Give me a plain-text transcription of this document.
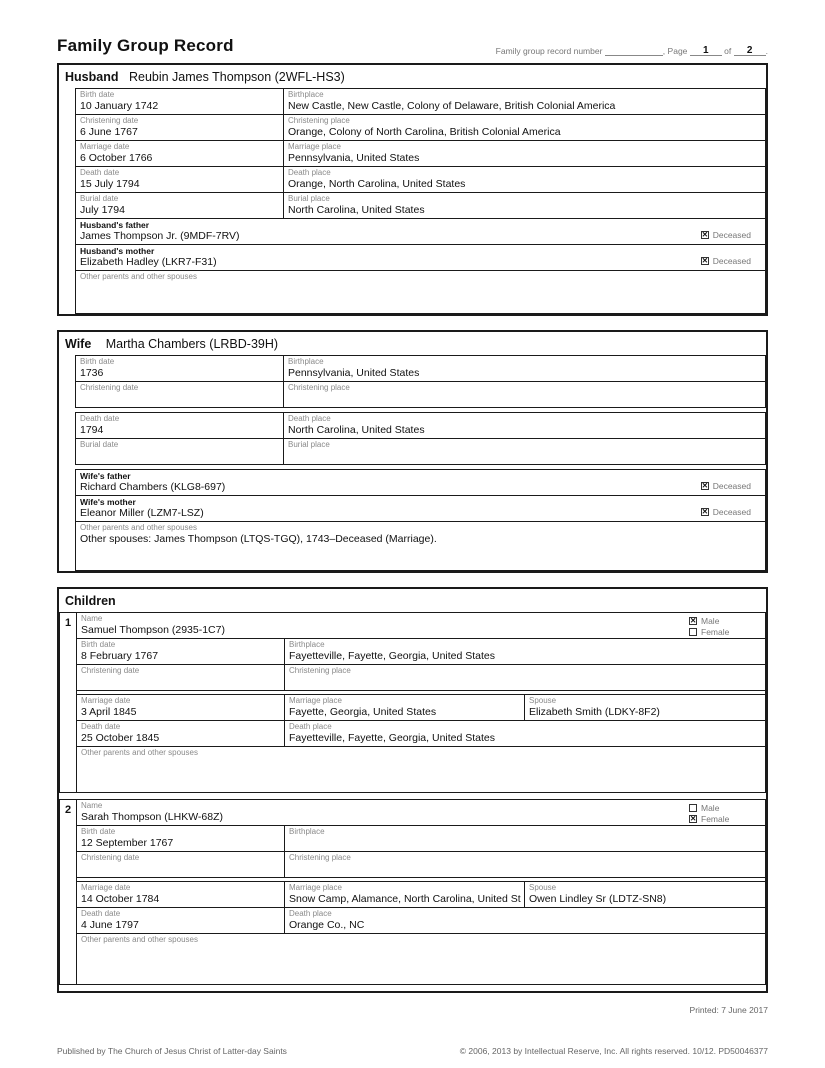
Family Group Record	Family group record number	, Page 1 of 2 .
Husband Reubin James Thompson (2WFL-HS3)
Birth date
10 January 1742
Birthplace
New Castle, New Castle, Colony of Delaware, British Colonial America
Christening date
6 June 1767
Christening place
Orange, Colony of North Carolina, British Colonial America
Marriage date
6 October 1766
Marriage place
Pennsylvania, United States
Death date
15 July 1794
Death place
Orange, North Carolina, United States
Burial date
July 1794
Burial place
North Carolina, United States
Husband's father
James Thompson Jr. (9MDF-7RV) ✕	Deceased
Husband's mother
Elizabeth Hadley (LKR7-F31) ✕	Deceased
Other parents and other spouses
Wife Martha Chambers (LRBD-39H)
Birth date
1736
Birthplace
Pennsylvania, United States
Christening date	Christening place
Death date
1794
Death place
North Carolina, United States
Burial date	Burial place
Wife's father
Richard Chambers (KLG8-697) ✕	Deceased
Wife's mother
Eleanor Miller (LZM7-LSZ) ✕	Deceased
Other parents and other spouses
Other spouses: James Thompson (LTQS-TGQ), 1743–Deceased (Marriage).
Children
1	Name
Samuel Thompson (2935-1C7)
✕
Male
Female
Birth date
8 February 1767
Birthplace
Fayetteville, Fayette, Georgia, United States
Christening date	Christening place
Marriage date
3 April 1845
Marriage place
Fayette, Georgia, United States
Spouse
Elizabeth Smith (LDKY-8F2)
Death date
25 October 1845
Death place
Fayetteville, Fayette, Georgia, United States
Other parents and other spouses
2	Name
Sarah Thompson (LHKW-68Z)
Male
✕
Female
Birth date
12 September 1767
Birthplace
Christening date	Christening place
Marriage date
14 October 1784
Marriage place
Snow Camp, Alamance, North Carolina, United St
Spouse
Owen Lindley Sr (LDTZ-SN8)
Death date
4 June 1797
Death place
Orange Co., NC
Other parents and other spouses
Printed: 7 June 2017
Published by The Church of Jesus Christ of Latter-day Saints	© 2006, 2013 by Intellectual Reserve, Inc. All rights reserved. 10/12. PD50046377
